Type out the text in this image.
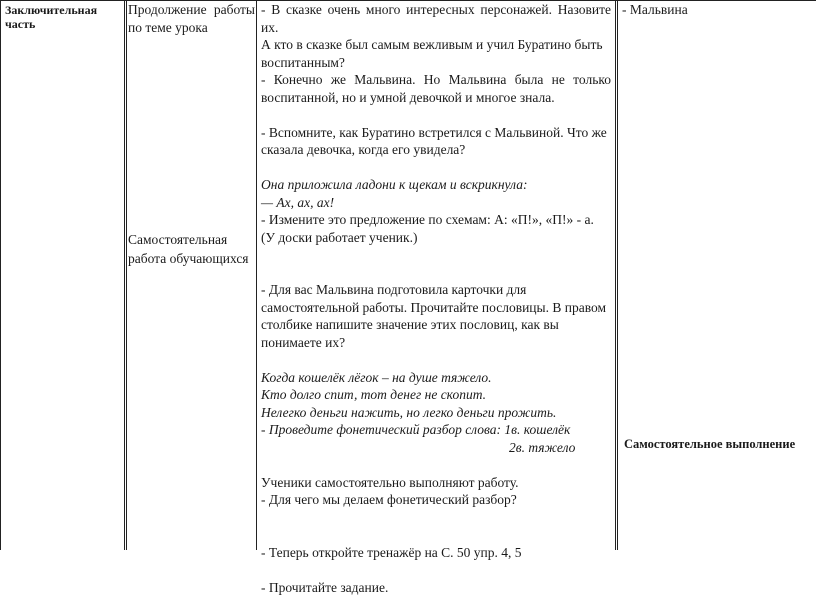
Заключительная
часть

Продолжение работы по теме урока

Самостоятельная
работа обучающихся

- В сказке очень много интересных персонажей. Назовите их.

А кто в сказке был самым вежливым и учил Буратино быть воспитанным?

- Конечно же Мальвина. Но Мальвина была не только воспитанной, но и умной девочкой и многое знала.

- Вспомните, как Буратино встретился с Мальвиной. Что же сказала девочка, когда его увидела?

Она приложила ладони к щекам и вскрикнула:

— Ах, ах, ах!

- Измените это предложение по схемам: А: «П!», «П!» - а. (У доски работает ученик.)

- Для вас Мальвина подготовила карточки для самостоятельной работы. Прочитайте пословицы. В правом столбике напишите значение этих пословиц, как вы понимаете их?

Когда кошелёк лёгок – на душе тяжело.

Кто долго спит, тот денег не скопит.

Нелегко деньги нажить, но легко деньги прожить.

- Проведите фонетический разбор слова: 1в. кошелёк

2в. тяжело

Ученики самостоятельно выполняют работу.

- Для чего мы делаем фонетический разбор?

- Теперь откройте тренажёр на С. 50 упр. 4, 5

- Прочитайте задание.

- Мальвина
Самостоятельное выполнение
